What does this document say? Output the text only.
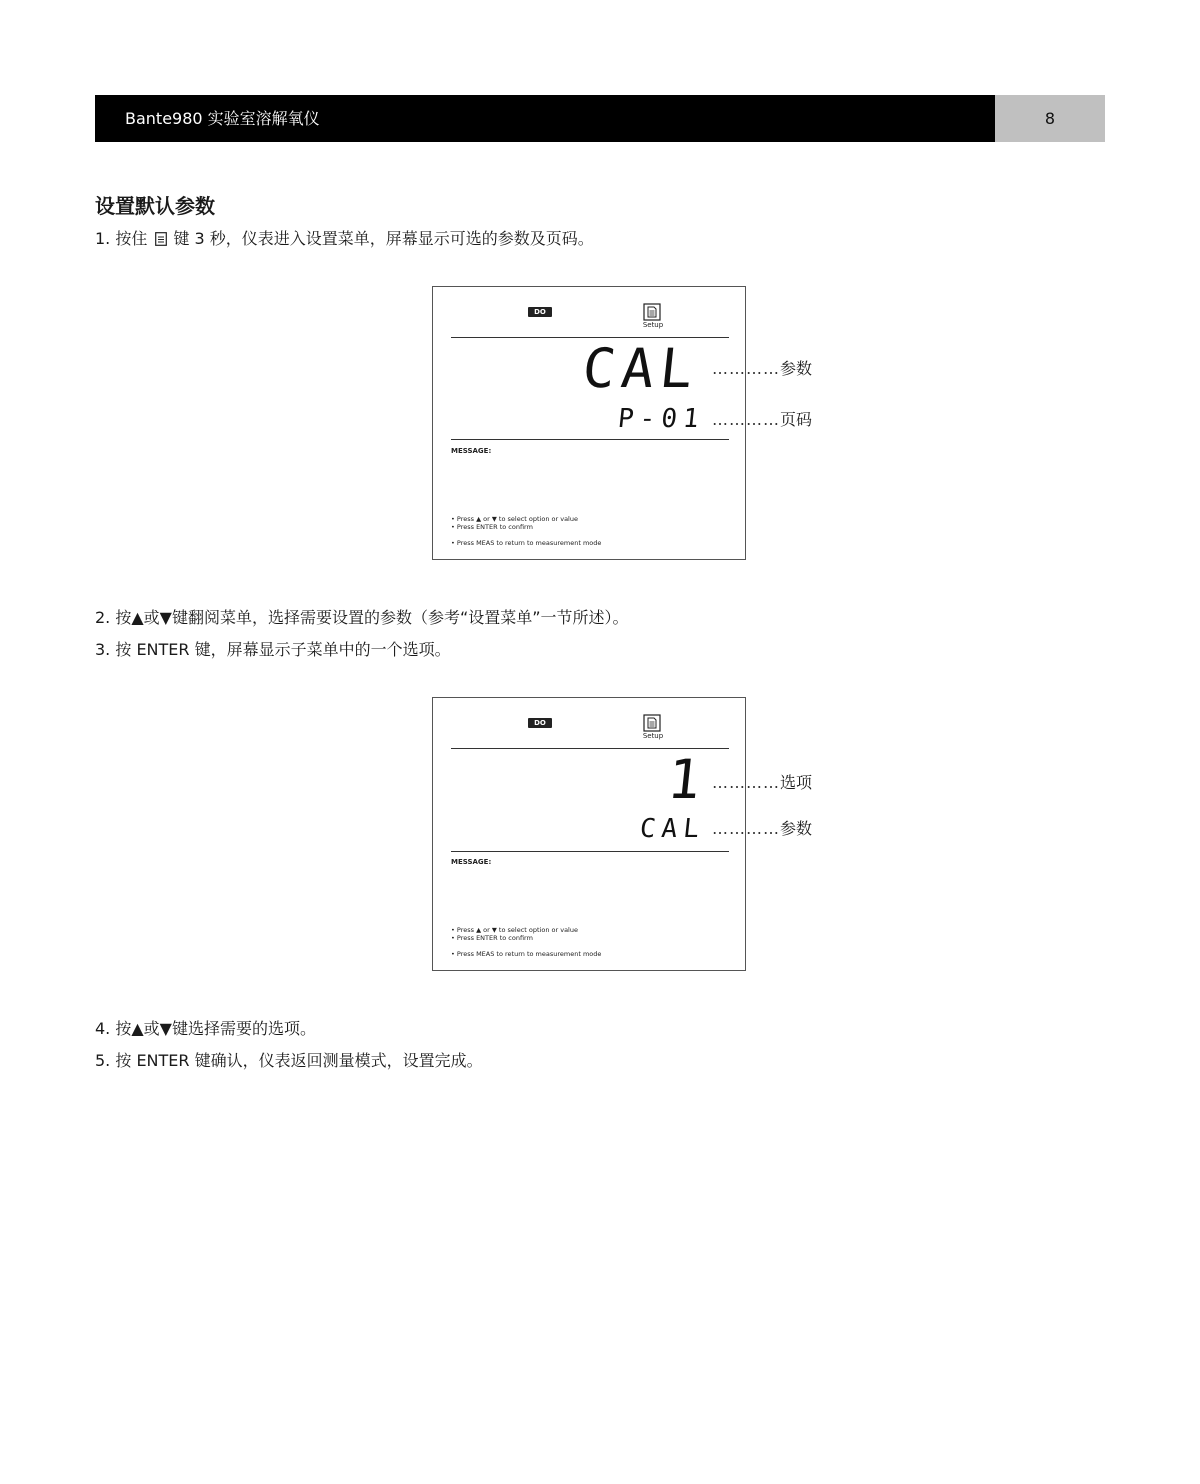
Bante980 实验室溶解氧仪	8
设置默认参数
1. 按住 键 3 秒，仪表进入设置菜单，屏幕显示可选的参数及页码。
DO
Setup
CAL
P-01
MESSAGE:
• Press ▲ or ▼ to select option or value
• Press ENTER to confirm
• Press MEAS to return to measurement mode
…………参数
…………页码
2. 按▲或▼键翻阅菜单，选择需要设置的参数（参考“设置菜单”一节所述）。
3. 按 ENTER 键，屏幕显示子菜单中的一个选项。
DO
Setup
1
CAL
MESSAGE:
• Press ▲ or ▼ to select option or value
• Press ENTER to confirm
• Press MEAS to return to measurement mode
…………选项
…………参数
4. 按▲或▼键选择需要的选项。
5. 按 ENTER 键确认，仪表返回测量模式，设置完成。
